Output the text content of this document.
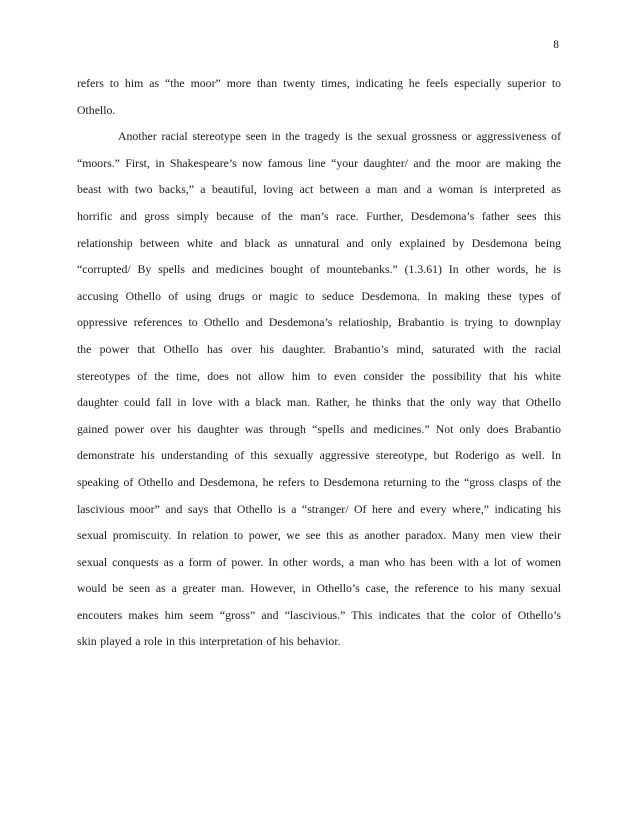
8
refers to him as “the moor” more than twenty times, indicating he feels especially superior to
Othello.
Another racial stereotype seen in the tragedy is the sexual grossness or aggressiveness of
“moors.” First, in Shakespeare’s now famous line “your daughter/ and the moor are making the
beast with two backs,” a beautiful, loving act between a man and a woman is interpreted as
horrific and gross simply because of the man’s race. Further, Desdemona’s father sees this
relationship between white and black as unnatural and only explained by Desdemona being
“corrupted/ By spells and medicines bought of mountebanks.” (1.3.61) In other words, he is
accusing Othello of using drugs or magic to seduce Desdemona. In making these types of
oppressive references to Othello and Desdemona’s relatioship, Brabantio is trying to downplay
the power that Othello has over his daughter. Brabantio’s mind, saturated with the racial
stereotypes of the time, does not allow him to even consider the possibility that his white
daughter could fall in love with a black man. Rather, he thinks that the only way that Othello
gained power over his daughter was through “spells and medicines.” Not only does Brabantio
demonstrate his understanding of this sexually aggressive stereotype, but Roderigo as well. In
speaking of Othello and Desdemona, he refers to Desdemona returning to the “gross clasps of the
lascivious moor” and says that Othello is a “stranger/ Of here and every where,” indicating his
sexual promiscuity. In relation to power, we see this as another paradox. Many men view their
sexual conquests as a form of power. In other words, a man who has been with a lot of women
would be seen as a greater man. However, in Othello’s case, the reference to his many sexual
encouters makes him seem “gross” and “lascivious.” This indicates that the color of Othello’s
skin played a role in this interpretation of his behavior.
